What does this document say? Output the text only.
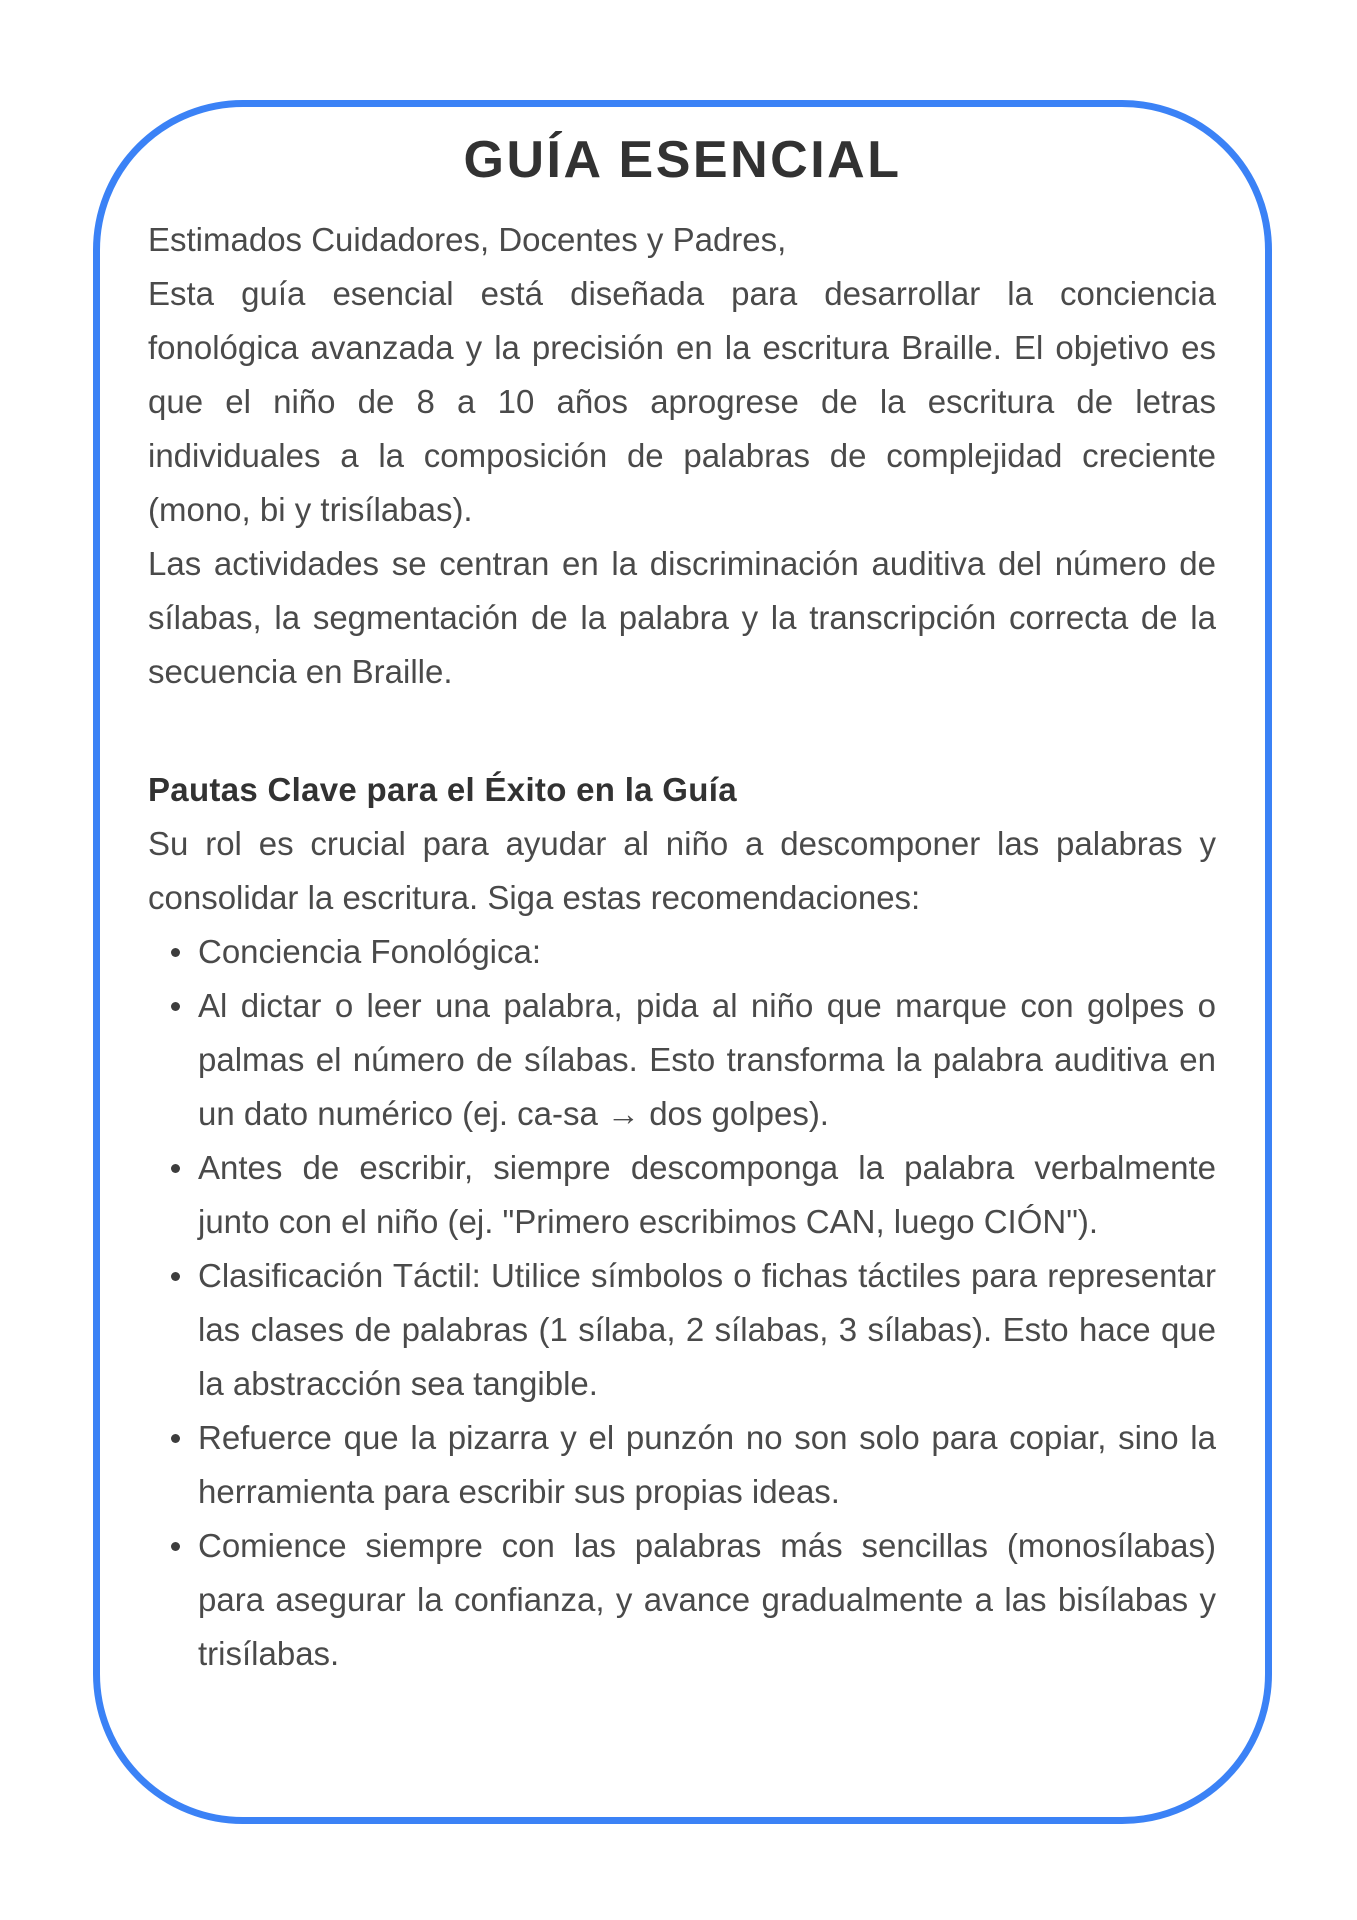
GUÍA ESENCIAL

Estimados Cuidadores, Docentes y Padres,

Esta guía esencial está diseñada para desarrollar la conciencia fonológica avanzada y la precisión en la escritura Braille. El objetivo es que el niño de 8 a 10 años aprogrese de la escritura de letras individuales a la composición de palabras de complejidad creciente (mono, bi y trisílabas).

Las actividades se centran en la discriminación auditiva del número de sílabas, la segmentación de la palabra y la transcripción correcta de la secuencia en Braille.

Pautas Clave para el Éxito en la Guía

Su rol es crucial para ayudar al niño a descomponer las palabras y consolidar la escritura. Siga estas recomendaciones:

Conciencia Fonológica:
Al dictar o leer una palabra, pida al niño que marque con golpes o palmas el número de sílabas. Esto transforma la palabra auditiva en un dato numérico (ej. ca-sa → dos golpes).
Antes de escribir, siempre descomponga la palabra verbalmente junto con el niño (ej. "Primero escribimos CAN, luego CIÓN").
Clasificación Táctil: Utilice símbolos o fichas táctiles para representar las clases de palabras (1 sílaba, 2 sílabas, 3 sílabas). Esto hace que la abstracción sea tangible.
Refuerce que la pizarra y el punzón no son solo para copiar, sino la herramienta para escribir sus propias ideas.
Comience siempre con las palabras más sencillas (monosílabas) para asegurar la confianza, y avance gradualmente a las bisílabas y trisílabas.
